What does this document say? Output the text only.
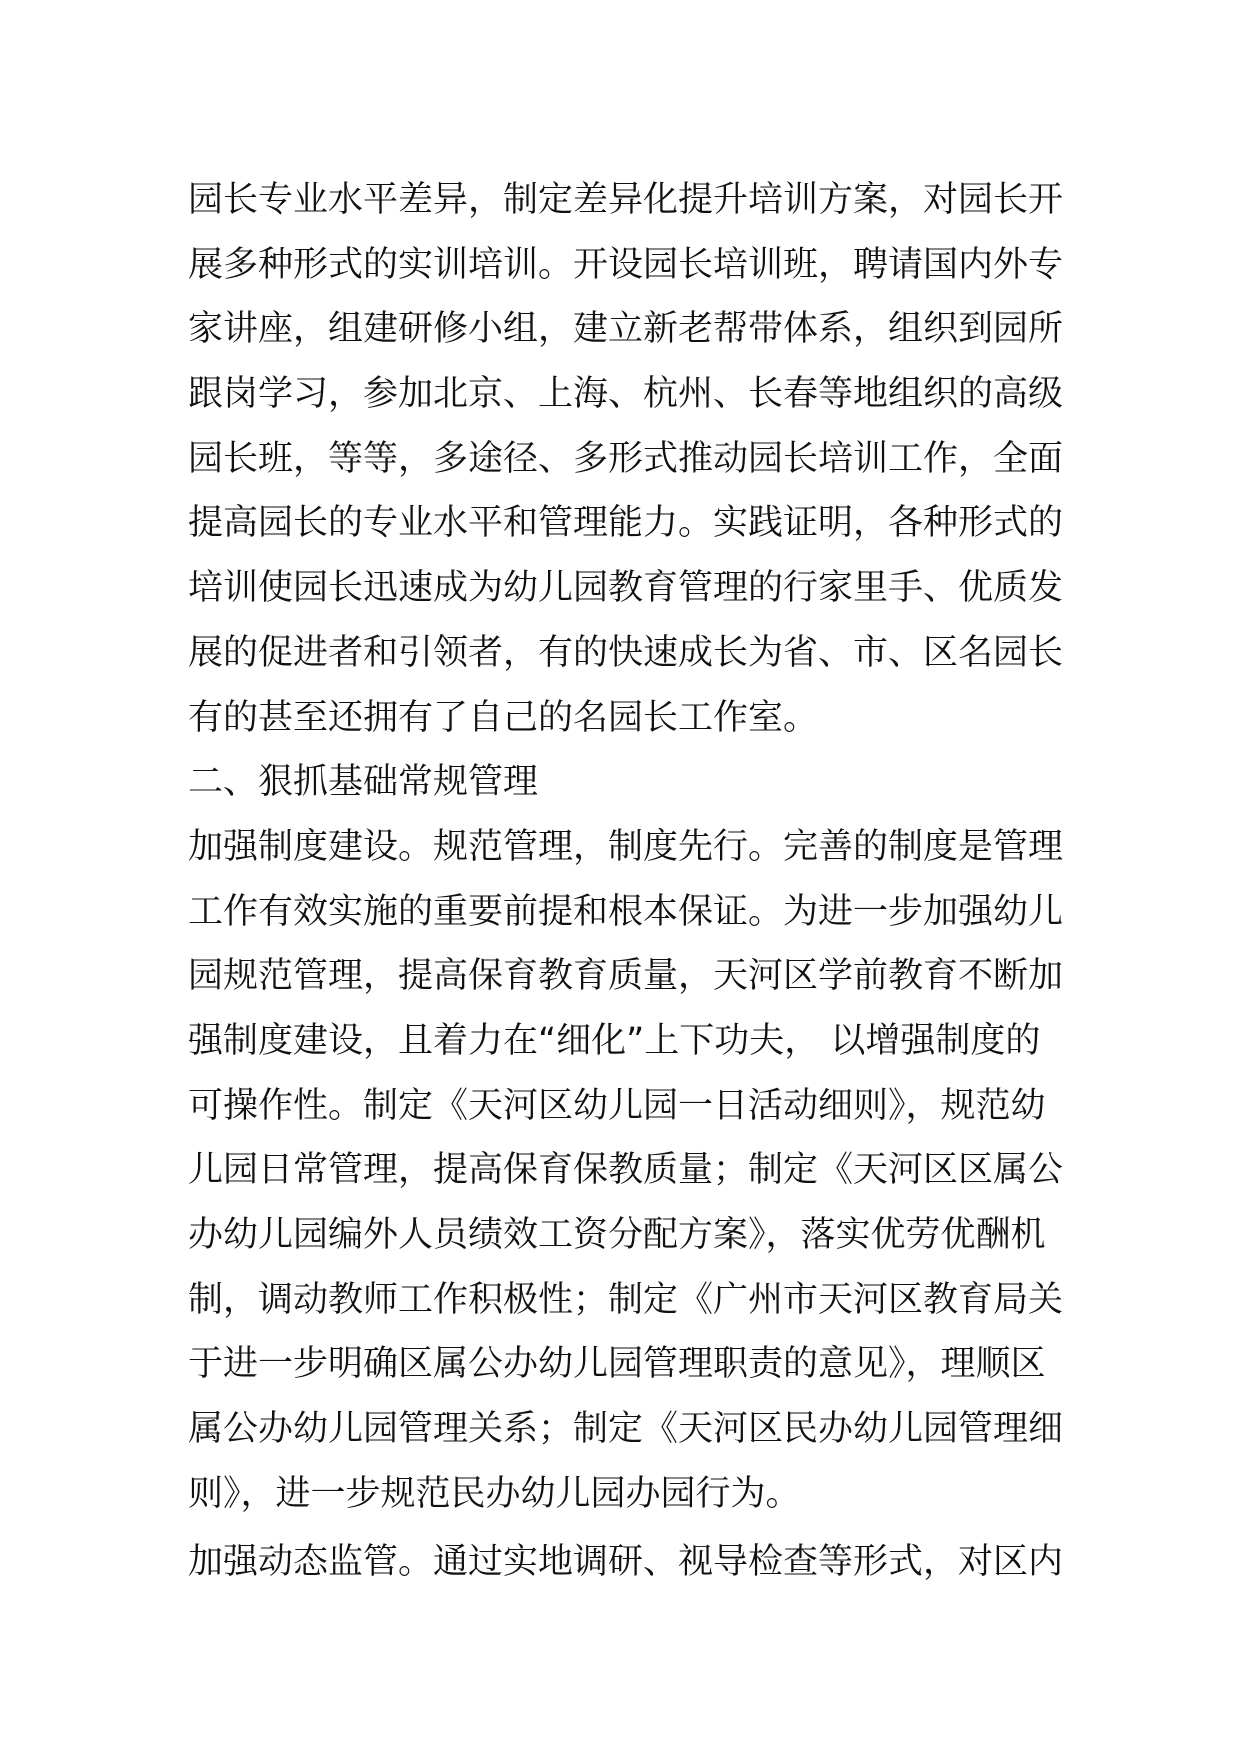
园长专业水平差异，制定差异化提升培训方案，对园长开
展多种形式的实训培训。开设园长培训班，聘请国内外专
家讲座，组建研修小组，建立新老帮带体系，组织到园所
跟岗学习，参加北京、上海、杭州、长春等地组织的高级
园长班，等等，多途径、多形式推动园长培训工作，全面
提高园长的专业水平和管理能力。实践证明，各种形式的
培训使园长迅速成为幼儿园教育管理的行家里手、优质发
展的促进者和引领者，有的快速成长为省、市、区名园长
有的甚至还拥有了自己的名园长工作室。
二、狠抓基础常规管理
加强制度建设。规范管理，制度先行。完善的制度是管理
工作有效实施的重要前提和根本保证。为进一步加强幼儿
园规范管理，提高保育教育质量，天河区学前教育不断加
强制度建设，且着力在“细化”上下功夫， 以增强制度的
可操作性。制定《天河区幼儿园一日活动细则》，规范幼
儿园日常管理，提高保育保教质量；制定《天河区区属公
办幼儿园编外人员绩效工资分配方案》，落实优劳优酬机
制，调动教师工作积极性；制定《广州市天河区教育局关
于进一步明确区属公办幼儿园管理职责的意见》，理顺区
属公办幼儿园管理关系；制定《天河区民办幼儿园管理细
则》，进一步规范民办幼儿园办园行为。
加强动态监管。通过实地调研、视导检查等形式，对区内
